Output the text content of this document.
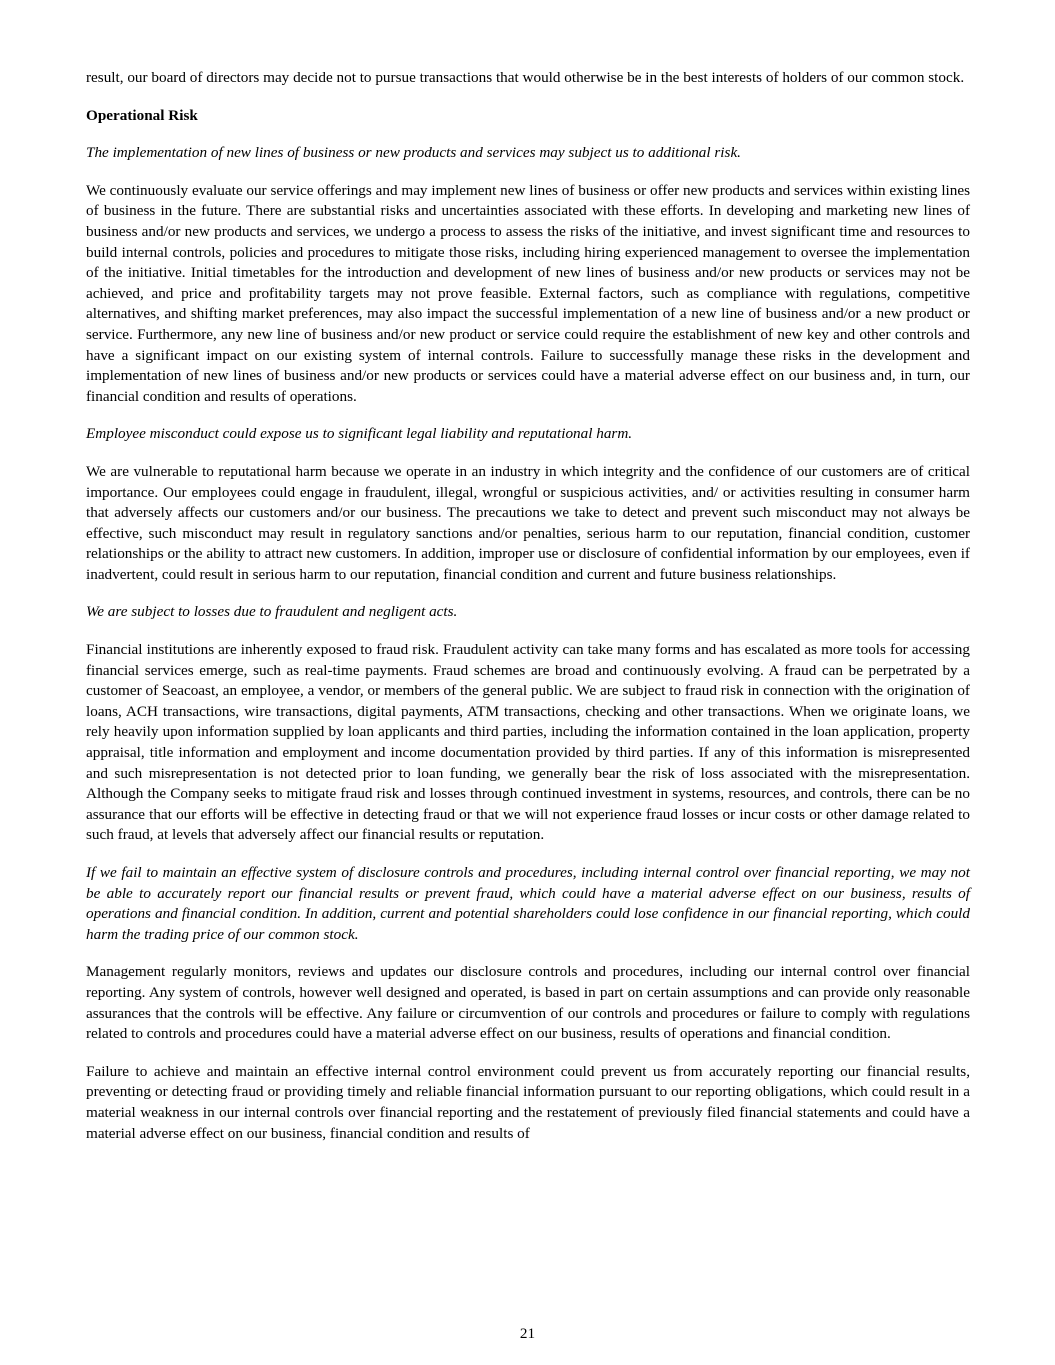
result, our board of directors may decide not to pursue transactions that would otherwise be in the best interests of holders of our common stock.

Operational Risk

The implementation of new lines of business or new products and services may subject us to additional risk.

We continuously evaluate our service offerings and may implement new lines of business or offer new products and services within existing lines of business in the future. There are substantial risks and uncertainties associated with these efforts. In developing and marketing new lines of business and/or new products and services, we undergo a process to assess the risks of the initiative, and invest significant time and resources to build internal controls, policies and procedures to mitigate those risks, including hiring experienced management to oversee the implementation of the initiative. Initial timetables for the introduction and development of new lines of business and/or new products or services may not be achieved, and price and profitability targets may not prove feasible. External factors, such as compliance with regulations, competitive alternatives, and shifting market preferences, may also impact the successful implementation of a new line of business and/or a new product or service. Furthermore, any new line of business and/or new product or service could require the establishment of new key and other controls and have a significant impact on our existing system of internal controls. Failure to successfully manage these risks in the development and implementation of new lines of business and/or new products or services could have a material adverse effect on our business and, in turn, our financial condition and results of operations.

Employee misconduct could expose us to significant legal liability and reputational harm.

We are vulnerable to reputational harm because we operate in an industry in which integrity and the confidence of our customers are of critical importance. Our employees could engage in fraudulent, illegal, wrongful or suspicious activities, and/ or activities resulting in consumer harm that adversely affects our customers and/or our business. The precautions we take to detect and prevent such misconduct may not always be effective, such misconduct may result in regulatory sanctions and/or penalties, serious harm to our reputation, financial condition, customer relationships or the ability to attract new customers. In addition, improper use or disclosure of confidential information by our employees, even if inadvertent, could result in serious harm to our reputation, financial condition and current and future business relationships.

We are subject to losses due to fraudulent and negligent acts.

Financial institutions are inherently exposed to fraud risk. Fraudulent activity can take many forms and has escalated as more tools for accessing financial services emerge, such as real-time payments. Fraud schemes are broad and continuously evolving. A fraud can be perpetrated by a customer of Seacoast, an employee, a vendor, or members of the general public. We are subject to fraud risk in connection with the origination of loans, ACH transactions, wire transactions, digital payments, ATM transactions, checking and other transactions. When we originate loans, we rely heavily upon information supplied by loan applicants and third parties, including the information contained in the loan application, property appraisal, title information and employment and income documentation provided by third parties. If any of this information is misrepresented and such misrepresentation is not detected prior to loan funding, we generally bear the risk of loss associated with the misrepresentation. Although the Company seeks to mitigate fraud risk and losses through continued investment in systems, resources, and controls, there can be no assurance that our efforts will be effective in detecting fraud or that we will not experience fraud losses or incur costs or other damage related to such fraud, at levels that adversely affect our financial results or reputation.

If we fail to maintain an effective system of disclosure controls and procedures, including internal control over financial reporting, we may not be able to accurately report our financial results or prevent fraud, which could have a material adverse effect on our business, results of operations and financial condition. In addition, current and potential shareholders could lose confidence in our financial reporting, which could harm the trading price of our common stock.

Management regularly monitors, reviews and updates our disclosure controls and procedures, including our internal control over financial reporting. Any system of controls, however well designed and operated, is based in part on certain assumptions and can provide only reasonable assurances that the controls will be effective. Any failure or circumvention of our controls and procedures or failure to comply with regulations related to controls and procedures could have a material adverse effect on our business, results of operations and financial condition.

Failure to achieve and maintain an effective internal control environment could prevent us from accurately reporting our financial results, preventing or detecting fraud or providing timely and reliable financial information pursuant to our reporting obligations, which could result in a material weakness in our internal controls over financial reporting and the restatement of previously filed financial statements and could have a material adverse effect on our business, financial condition and results of

21
